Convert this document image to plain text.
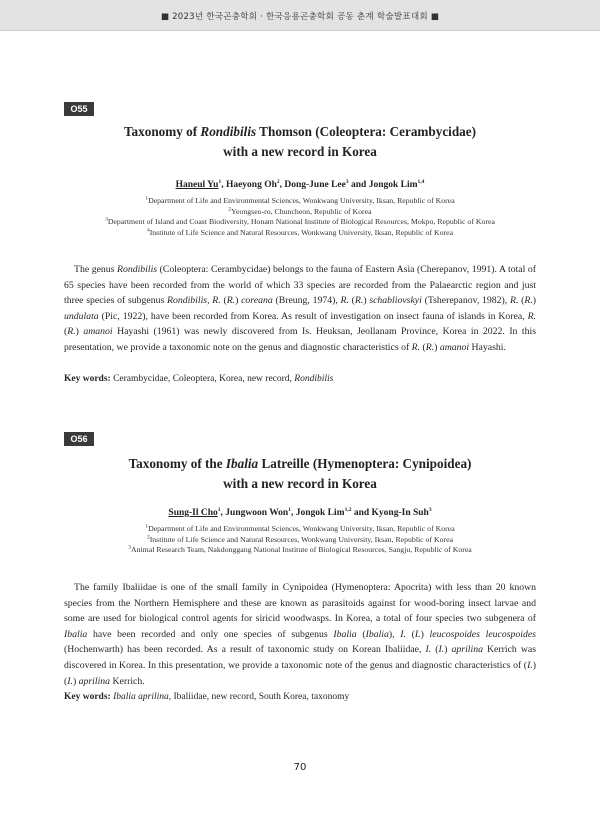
■ 2023년 한국곤충학회 · 한국응용곤충학회 공동 춘계 학술발표대회 ■
O55
Taxonomy of Rondibilis Thomson (Coleoptera: Cerambycidae)
with a new record in Korea
Haneul Yu$^1$, Haeyong Oh$^2$, Dong-June Lee$^3$ and Jongok Lim$^{1,4}$
$^1$Department of Life and Environmental Sciences, Wonkwang University, Iksan, Republic of Korea
$^2$Yeongseo-ro, Chuncheon, Republic of Korea
$^3$Department of Island and Coast Biodiversity, Honam National Institute of Biological Resources, Mokpo, Republic of Korea
$^4$Institute of Life Science and Natural Resources, Wonkwang University, Iksan, Republic of Korea
The genus Rondibilis (Coleoptera: Cerambycidae) belongs to the fauna of Eastern Asia (Cherepanov, 1991). A total of 65 species have been recorded from the world of which 33 species are recorded from the Palaearctic region and just three species of subgenus Rondibilis, R. (R.) coreana (Breung, 1974), R. (R.) schabliovskyi (Tsherepanov, 1982), R. (R.) undulata (Pic, 1922), have been recorded from Korea. As result of investigation on insect fauna of islands in Korea, R. (R.) amanoi Hayashi (1961) was newly discovered from Is. Heuksan, Jeollanam Province, Korea in 2022. In this presentation, we provide a taxonomic note on the genus and diagnostic characteristics of R. (R.) amanoi Hayashi.
Key words: Cerambycidae, Coleoptera, Korea, new record, Rondibilis
O56
Taxonomy of the Ibalia Latreille (Hymenoptera: Cynipoidea)
with a new record in Korea
Sung-Il Cho$^1$, Jungwoon Won$^1$, Jongok Lim$^{1,2}$ and Kyong-In Suh$^3$
$^1$Department of Life and Environmental Sciences, Wonkwang University, Iksan, Republic of Korea
$^2$Institute of Life Science and Natural Resources, Wonkwang University, Iksan, Republic of Korea
$^3$Animal Research Team, Nakdonggang National Institute of Biological Resources, Sangju, Republic of Korea
The family Ibaliidae is one of the small family in Cynipoidea (Hymenoptera: Apocrita) with less than 20 known species from the Northern Hemisphere and these are known as parasitoids against for wood-boring insect larvae and some are used for biological control agents for siricid woodwasps. In Korea, a total of four species two subgenera of Ibalia have been recorded and only one species of subgenus Ibalia (Ibalia), I. (I.) leucospoides leucospoides (Hochenwarth) has been recorded. As a result of taxonomic study on Korean Ibaliidae, I. (I.) aprilina Kerrich was discovered in Korea. In this presentation, we provide a taxonomic note of the genus and diagnostic characteristics of (I.) (I.) aprilina Kerrich.
Key words: Ibalia aprilina, Ibaliidae, new record, South Korea, taxonomy
70
